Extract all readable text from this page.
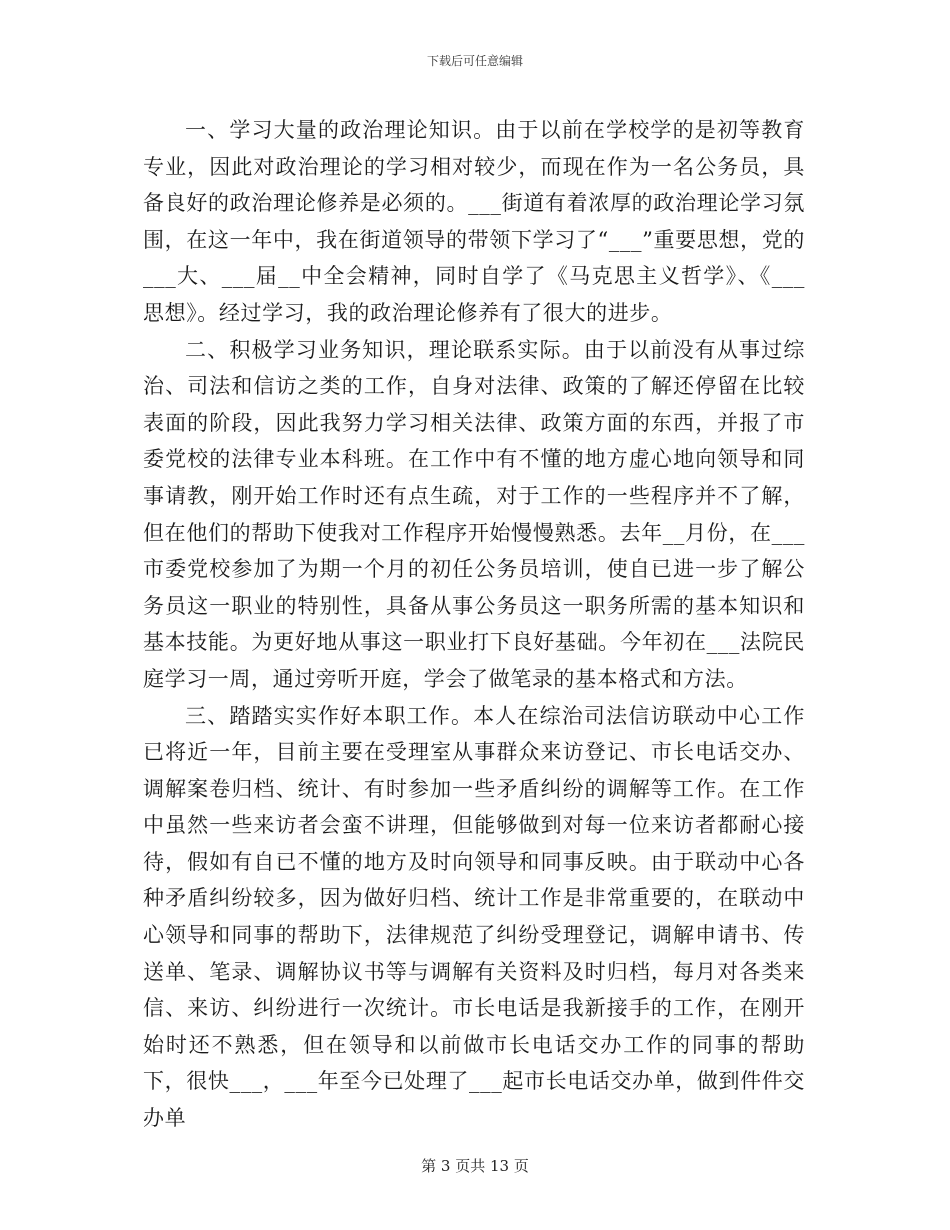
下载后可任意编辑

一、学习大量的政治理论知识。由于以前在学校学的是初等教育专业，因此对政治理论的学习相对较少，而现在作为一名公务员，具备良好的政治理论修养是必须的。___街道有着浓厚的政治理论学习氛围，在这一年中，我在街道领导的带领下学习了“___”重要思想，党的___大、___届__中全会精神，同时自学了《马克思主义哲学》、《___思想》。经过学习，我的政治理论修养有了很大的进步。

二、积极学习业务知识，理论联系实际。由于以前没有从事过综治、司法和信访之类的工作，自身对法律、政策的了解还停留在比较表面的阶段，因此我努力学习相关法律、政策方面的东西，并报了市委党校的法律专业本科班。在工作中有不懂的地方虚心地向领导和同事请教，刚开始工作时还有点生疏，对于工作的一些程序并不了解，但在他们的帮助下使我对工作程序开始慢慢熟悉。去年__月份，在___市委党校参加了为期一个月的初任公务员培训，使自已进一步了解公务员这一职业的特别性，具备从事公务员这一职务所需的基本知识和基本技能。为更好地从事这一职业打下良好基础。今年初在___法院民庭学习一周，通过旁听开庭，学会了做笔录的基本格式和方法。

三、踏踏实实作好本职工作。本人在综治司法信访联动中心工作已将近一年，目前主要在受理室从事群众来访登记、市长电话交办、调解案卷归档、统计、有时参加一些矛盾纠纷的调解等工作。在工作中虽然一些来访者会蛮不讲理，但能够做到对每一位来访者都耐心接待，假如有自已不懂的地方及时向领导和同事反映。由于联动中心各种矛盾纠纷较多，因为做好归档、统计工作是非常重要的，在联动中心领导和同事的帮助下，法律规范了纠纷受理登记，调解申请书、传送单、笔录、调解协议书等与调解有关资料及时归档，每月对各类来信、来访、纠纷进行一次统计。市长电话是我新接手的工作，在刚开始时还不熟悉，但在领导和以前做市长电话交办工作的同事的帮助下，很快___，___年至今已处理了___起市长电话交办单，做到件件交办单

第 3 页共 13 页
